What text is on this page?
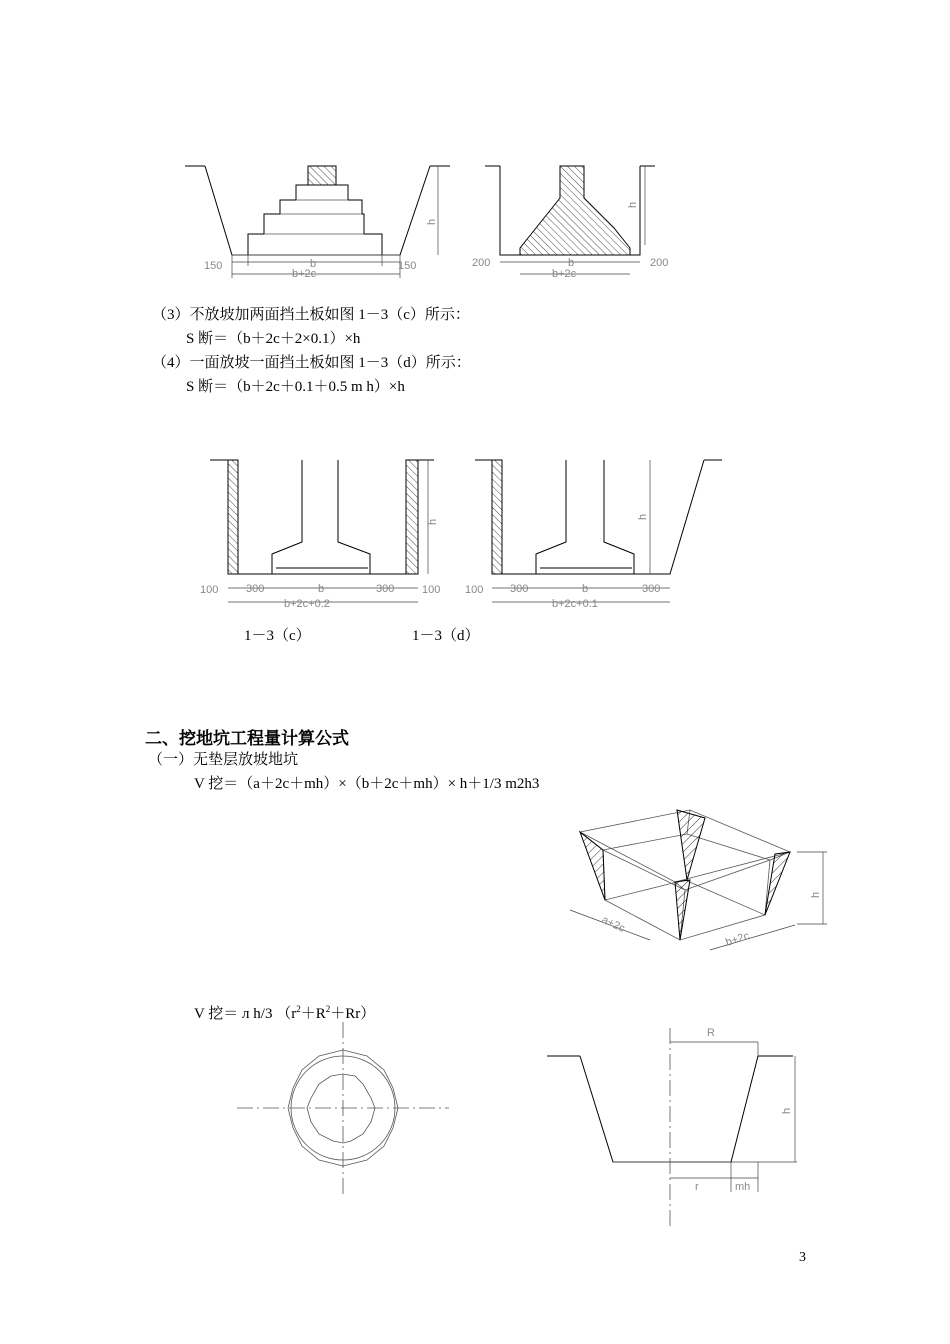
150	150
b
b+2c
h
200	200
b
b+2c
h
（3）不放坡加两面挡土板如图 1－3（c）所示：
S 断＝（b＋2c＋2×0.1）×h
（4）一面放坡一面挡土板如图 1－3（d）所示：
S 断＝（b＋2c＋0.1＋0.5 m h）×h
100	300	b	300	100
b+2c+0.2
h
100 300	b	300
b+2c+0.1
h
1－3（c）	1－3（d）
二、挖地坑工程量计算公式
（一）无垫层放坡地坑
V 挖＝（a＋2c＋mh）×（b＋2c＋mh）× h＋1/3 m2h3
a+2c
b+2c
h
V 挖＝ л h/3 $(r^2+R^2+Rr)$
R
h
r	mh
3
